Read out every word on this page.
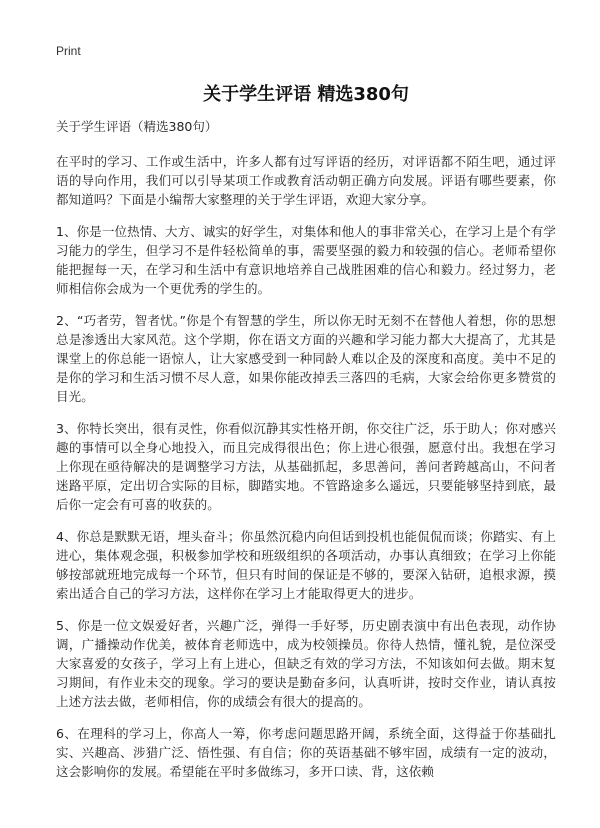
Print
关于学生评语 精选380句
关于学生评语（精选380句）

在平时的学习、工作或生活中，许多人都有过写评语的经历，对评语都不陌生吧，通过评语的导向作用，我们可以引导某项工作或教育活动朝正确方向发展。评语有哪些要素，你都知道吗？下面是小编帮大家整理的关于学生评语，欢迎大家分享。

1、你是一位热情、大方、诚实的好学生，对集体和他人的事非常关心，在学习上是个有学习能力的学生，但学习不是件轻松简单的事，需要坚强的毅力和较强的信心。老师希望你能把握每一天，在学习和生活中有意识地培养自己战胜困难的信心和毅力。经过努力，老师相信你会成为一个更优秀的学生的。

2、“巧者劳，智者忧。”你是个有智慧的学生，所以你无时无刻不在替他人着想，你的思想总是渗透出大家风范。这个学期，你在语文方面的兴趣和学习能力都大大提高了，尤其是课堂上的你总能一语惊人，让大家感受到一种同龄人难以企及的深度和高度。美中不足的是你的学习和生活习惯不尽人意，如果你能改掉丢三落四的毛病，大家会给你更多赞赏的目光。

3、你特长突出，很有灵性，你看似沉静其实性格开朗，你交往广泛，乐于助人；你对感兴趣的事情可以全身心地投入，而且完成得很出色；你上进心很强，愿意付出。我想在学习上你现在亟待解决的是调整学习方法，从基础抓起，多思善问，善问者跨越高山，不问者迷路平原，定出切合实际的目标，脚踏实地。不管路途多么遥远，只要能够坚持到底，最后你一定会有可喜的收获的。

4、你总是默默无语，埋头奋斗；你虽然沉稳内向但话到投机也能侃侃而谈；你踏实、有上进心，集体观念强，积极参加学校和班级组织的各项活动，办事认真细致；在学习上你能够按部就班地完成每一个环节，但只有时间的保证是不够的，要深入钻研，追根求源，摸索出适合自己的学习方法，这样你在学习上才能取得更大的进步。

5、你是一位文娱爱好者，兴趣广泛，弹得一手好琴，历史剧表演中有出色表现，动作协调，广播操动作优美，被体育老师选中，成为校领操员。你待人热情，懂礼貌，是位深受大家喜爱的女孩子，学习上有上进心，但缺乏有效的学习方法，不知该如何去做。期末复习期间，有作业未交的现象。学习的要诀是勤奋多问，认真听讲，按时交作业，请认真按上述方法去做，老师相信，你的成绩会有很大的提高的。

6、在理科的学习上，你高人一筹，你考虑问题思路开阔，系统全面，这得益于你基础扎实、兴趣高、涉猎广泛、悟性强、有自信；你的英语基础不够牢固，成绩有一定的波动，这会影响你的发展。希望能在平时多做练习，多开口读、背，这依赖
